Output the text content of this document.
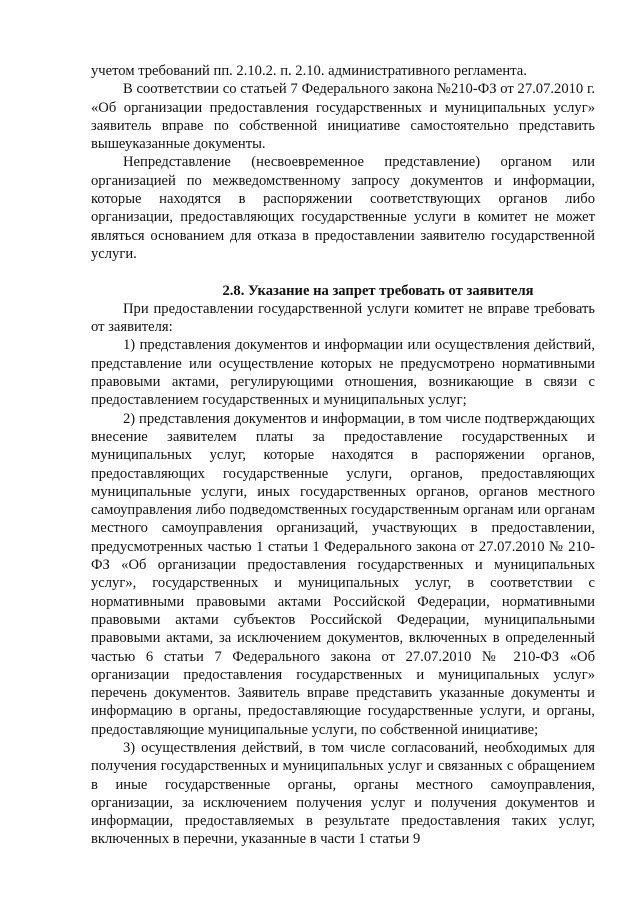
учетом требований пп. 2.10.2. п. 2.10. административного регламента.

В соответствии со статьей 7 Федерального закона №210-ФЗ от 27.07.2010 г. «Об организации предоставления государственных и муниципальных услуг» заявитель вправе по собственной инициативе самостоятельно представить вышеуказанные документы.

Непредставление (несвоевременное представление) органом или организацией по межведомственному запросу документов и информации, которые находятся в распоряжении соответствующих органов либо организации, предоставляющих государственные услуги в комитет не может являться основанием для отказа в предоставлении заявителю государственной услуги.

2.8. Указание на запрет требовать от заявителя

При предоставлении государственной услуги комитет не вправе требовать от заявителя:

1) представления документов и информации или осуществления действий, представление или осуществление которых не предусмотрено нормативными правовыми актами, регулирующими отношения, возникающие в связи с предоставлением государственных и муниципальных услуг;

2) представления документов и информации, в том числе подтверждающих внесение заявителем платы за предоставление государственных и муниципальных услуг, которые находятся в распоряжении органов, предоставляющих государственные услуги, органов, предоставляющих муниципальные услуги, иных государственных органов, органов местного самоуправления либо подведомственных государственным органам или органам местного самоуправления организаций, участвующих в предоставлении, предусмотренных частью 1 статьи 1 Федерального закона от 27.07.2010 № 210-ФЗ «Об организации предоставления государственных и муниципальных услуг», государственных и муниципальных услуг, в соответствии с нормативными правовыми актами Российской Федерации, нормативными правовыми актами субъектов Российской Федерации, муниципальными правовыми актами, за исключением документов, включенных в определенный частью 6 статьи 7 Федерального закона от 27.07.2010 № 210-ФЗ «Об организации предоставления государственных и муниципальных услуг» перечень документов. Заявитель вправе представить указанные документы и информацию в органы, предоставляющие государственные услуги, и органы, предоставляющие муниципальные услуги, по собственной инициативе;

3) осуществления действий, в том числе согласований, необходимых для получения государственных и муниципальных услуг и связанных с обращением в иные государственные органы, органы местного самоуправления, организации, за исключением получения услуг и получения документов и информации, предоставляемых в результате предоставления таких услуг, включенных в перечни, указанные в части 1 статьи 9
